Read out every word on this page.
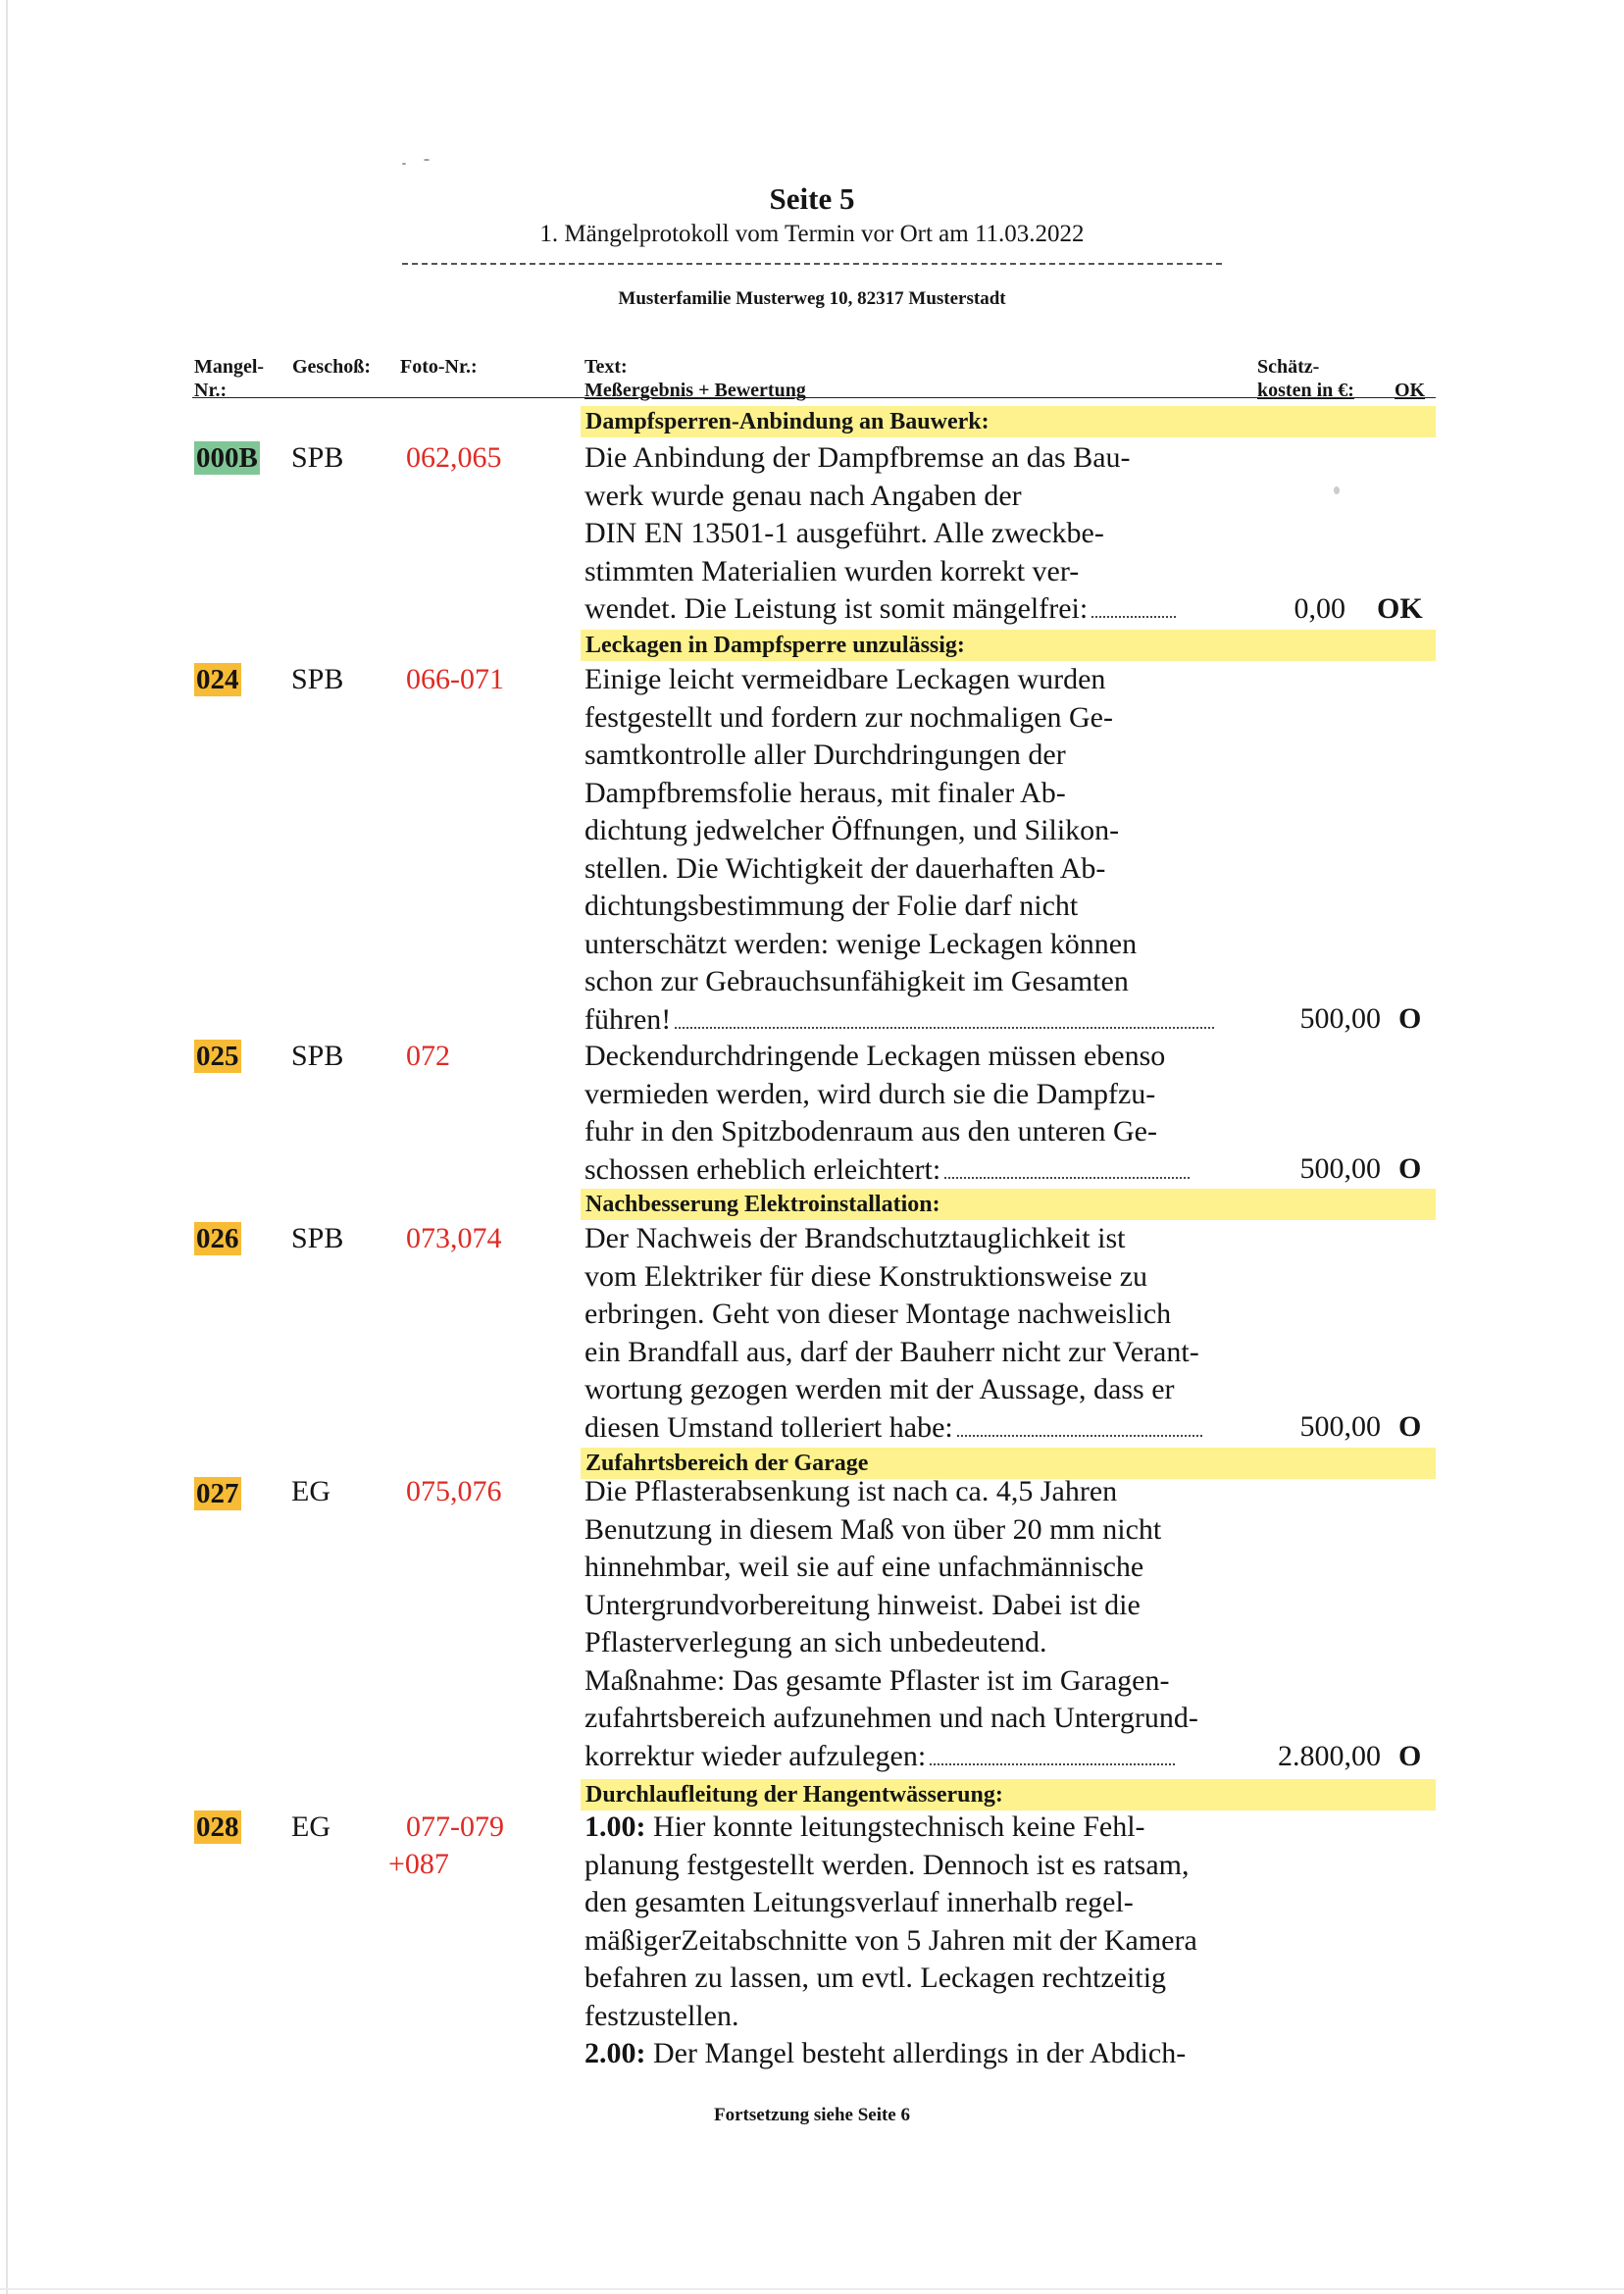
Seite 5
1. Mängelprotokoll vom Termin vor Ort am 11.03.2022
Musterfamilie Musterweg 10, 82317 Musterstadt
Mangel-
Nr.:
Geschoß: Foto-Nr.:	Text:
Meßergebnis + Bewertung
Schätz-
kosten in €: OK
Dampfsperren-Anbindung an Bauwerk:
000B SPB 062,065	Die Anbindung der Dampfbremse an das Bau-

werk wurde genau nach Angaben der

DIN EN 13501-1 ausgeführt. Alle zweckbe-

stimmten Materialien wurden korrekt ver-

wendet. Die Leistung ist somit mängelfrei:	0,00 OK
Leckagen in Dampfsperre unzulässig:
024 SPB 066-071	Einige leicht vermeidbare Leckagen wurden

festgestellt und fordern zur nochmaligen Ge-

samtkontrolle aller Durchdringungen der

Dampfbremsfolie heraus, mit finaler Ab-

dichtung jedwelcher Öffnungen, und Silikon-

stellen. Die Wichtigkeit der dauerhaften Ab-

dichtungsbestimmung der Folie darf nicht

unterschätzt werden: wenige Leckagen können

schon zur Gebrauchsunfähigkeit im Gesamten

führen!	500,00 O
025 SPB 072	Deckendurchdringende Leckagen müssen ebenso

vermieden werden, wird durch sie die Dampfzu-

fuhr in den Spitzbodenraum aus den unteren Ge-

schossen erheblich erleichtert:	500,00 O
Nachbesserung Elektroinstallation:
026 SPB 073,074	Der Nachweis der Brandschutztauglichkeit ist

vom Elektriker für diese Konstruktionsweise zu

erbringen. Geht von dieser Montage nachweislich

ein Brandfall aus, darf der Bauherr nicht zur Verant-

wortung gezogen werden mit der Aussage, dass er

diesen Umstand tolleriert habe:	500,00 O
Zufahrtsbereich der Garage
027 EG	075,076	Die Pflasterabsenkung ist nach ca. 4,5 Jahren

Benutzung in diesem Maß von über 20 mm nicht

hinnehmbar, weil sie auf eine unfachmännische

Untergrundvorbereitung hinweist. Dabei ist die

Pflasterverlegung an sich unbedeutend.

Maßnahme: Das gesamte Pflaster ist im Garagen-

zufahrtsbereich aufzunehmen und nach Untergrund-

korrektur wieder aufzulegen:	2.800,00 O
Durchlaufleitung der Hangentwässerung:
028 EG	077-079
+087

1.00: Hier konnte leitungstechnisch keine Fehl-

planung festgestellt werden. Dennoch ist es ratsam,

den gesamten Leitungsverlauf innerhalb regel-

mäßigerZeitabschnitte von 5 Jahren mit der Kamera

befahren zu lassen, um evtl. Leckagen rechtzeitig

festzustellen.

2.00: Der Mangel besteht allerdings in der Abdich-

Fortsetzung siehe Seite 6
